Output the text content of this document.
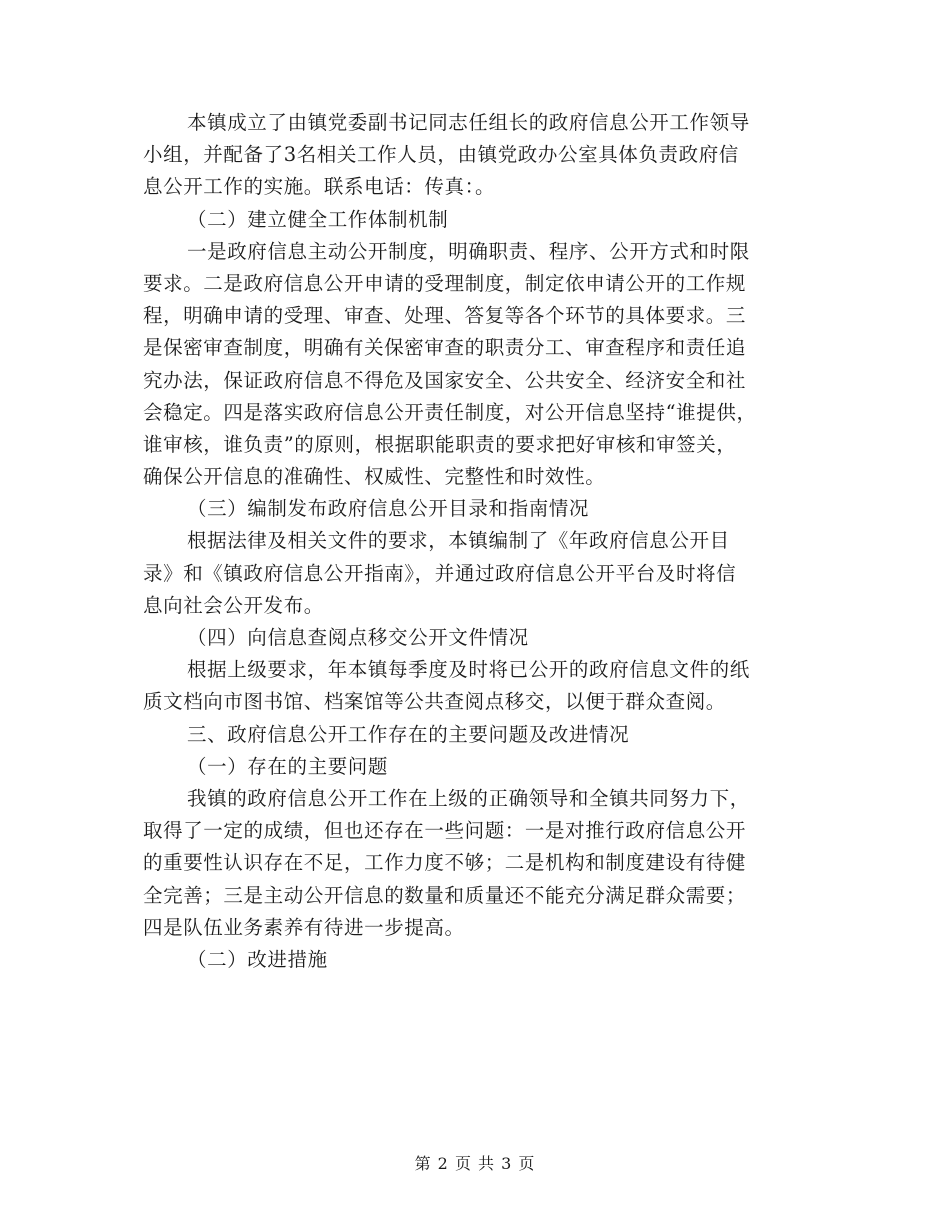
本镇成立了由镇党委副书记同志任组长的政府信息公开工作领导
小组，并配备了3名相关工作人员，由镇党政办公室具体负责政府信
息公开工作的实施。联系电话：传真：。
（二）建立健全工作体制机制
一是政府信息主动公开制度，明确职责、程序、公开方式和时限
要求。二是政府信息公开申请的受理制度，制定依申请公开的工作规
程，明确申请的受理、审查、处理、答复等各个环节的具体要求。三
是保密审查制度，明确有关保密审查的职责分工、审查程序和责任追
究办法，保证政府信息不得危及国家安全、公共安全、经济安全和社
会稳定。四是落实政府信息公开责任制度，对公开信息坚持“谁提供，
谁审核，谁负责”的原则，根据职能职责的要求把好审核和审签关，
确保公开信息的准确性、权威性、完整性和时效性。
（三）编制发布政府信息公开目录和指南情况
根据法律及相关文件的要求，本镇编制了《年政府信息公开目
录》和《镇政府信息公开指南》，并通过政府信息公开平台及时将信
息向社会公开发布。
（四）向信息查阅点移交公开文件情况
根据上级要求，年本镇每季度及时将已公开的政府信息文件的纸
质文档向市图书馆、档案馆等公共查阅点移交，以便于群众查阅。
三、政府信息公开工作存在的主要问题及改进情况
（一）存在的主要问题
我镇的政府信息公开工作在上级的正确领导和全镇共同努力下，
取得了一定的成绩，但也还存在一些问题：一是对推行政府信息公开
的重要性认识存在不足，工作力度不够；二是机构和制度建设有待健
全完善；三是主动公开信息的数量和质量还不能充分满足群众需要；
四是队伍业务素养有待进一步提高。
（二）改进措施
第 2 页 共 3 页
